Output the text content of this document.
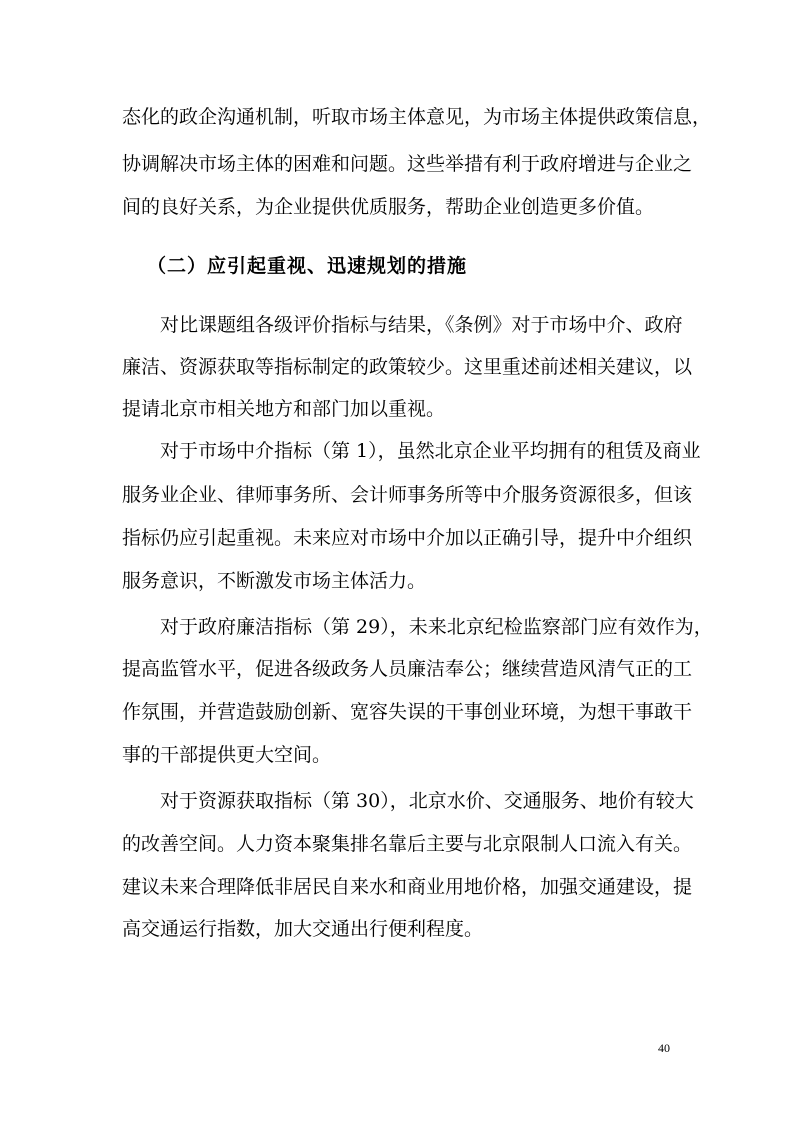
态化的政企沟通机制，听取市场主体意见，为市场主体提供政策信息，
协调解决市场主体的困难和问题。这些举措有利于政府增进与企业之
间的良好关系，为企业提供优质服务，帮助企业创造更多价值。
（二）应引起重视、迅速规划的措施
对比课题组各级评价指标与结果，《条例》对于市场中介、政府
廉洁、资源获取等指标制定的政策较少。这里重述前述相关建议，以
提请北京市相关地方和部门加以重视。
对于市场中介指标（第 1），虽然北京企业平均拥有的租赁及商业
服务业企业、律师事务所、会计师事务所等中介服务资源很多，但该
指标仍应引起重视。未来应对市场中介加以正确引导，提升中介组织
服务意识，不断激发市场主体活力。
对于政府廉洁指标（第 29），未来北京纪检监察部门应有效作为，
提高监管水平，促进各级政务人员廉洁奉公；继续营造风清气正的工
作氛围，并营造鼓励创新、宽容失误的干事创业环境，为想干事敢干
事的干部提供更大空间。
对于资源获取指标（第 30），北京水价、交通服务、地价有较大
的改善空间。人力资本聚集排名靠后主要与北京限制人口流入有关。
建议未来合理降低非居民自来水和商业用地价格，加强交通建设，提
高交通运行指数，加大交通出行便利程度。
40
